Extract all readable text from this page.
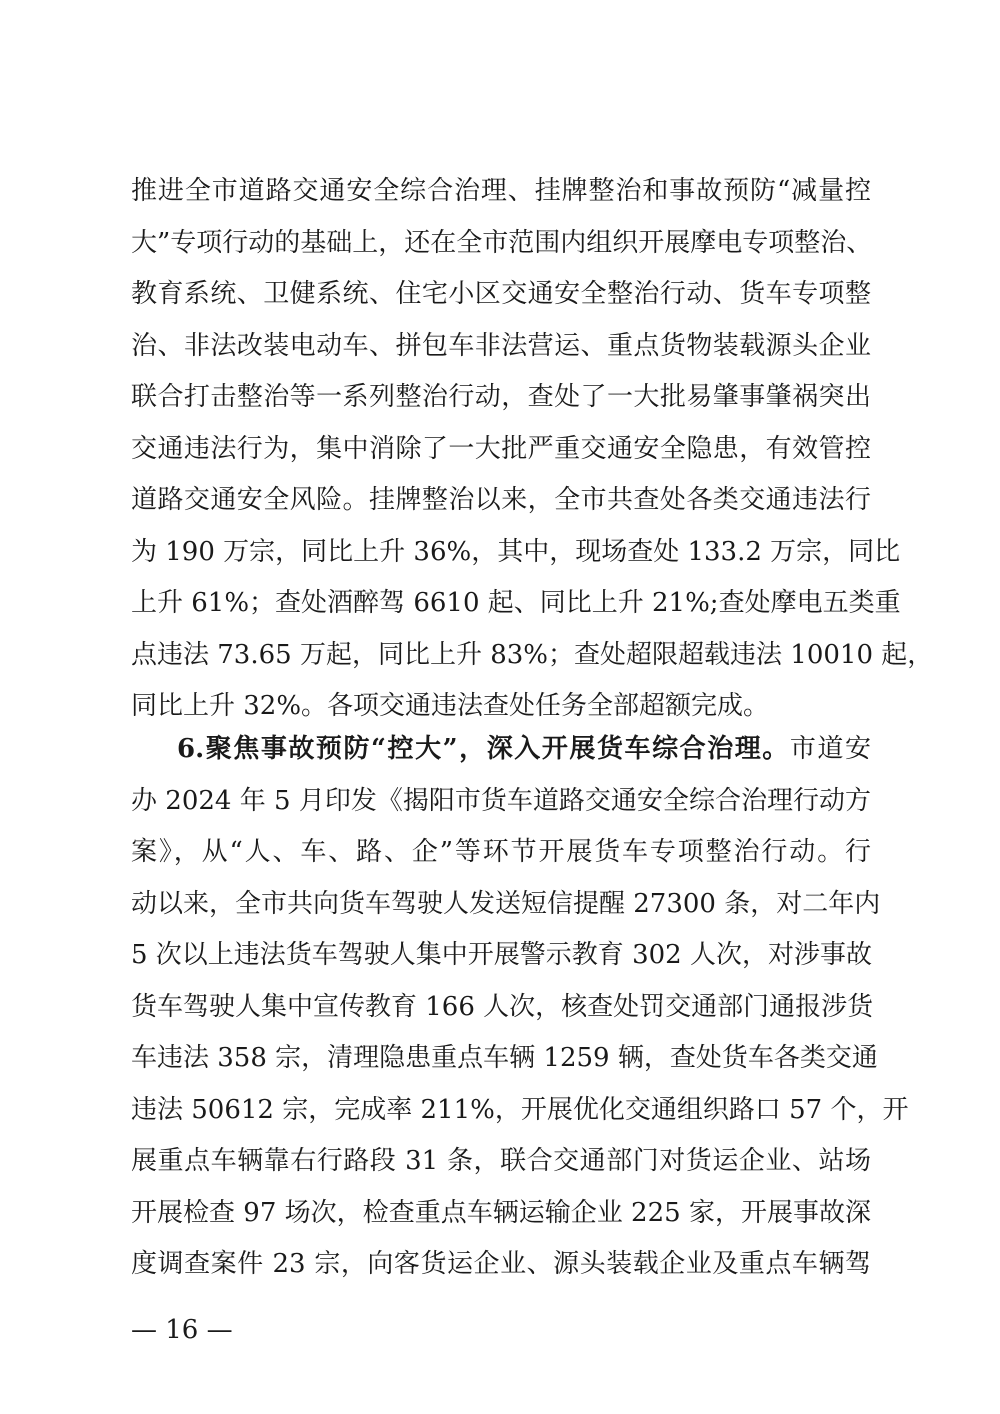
推进全市道路交通安全综合治理、挂牌整治和事故预防“减量控
大”专项行动的基础上，还在全市范围内组织开展摩电专项整治、
教育系统、卫健系统、住宅小区交通安全整治行动、货车专项整
治、非法改装电动车、拼包车非法营运、重点货物装载源头企业
联合打击整治等一系列整治行动，查处了一大批易肇事肇祸突出
交通违法行为，集中消除了一大批严重交通安全隐患，有效管控
道路交通安全风险。挂牌整治以来，全市共查处各类交通违法行
为 190 万宗，同比上升 36%，其中，现场查处 133.2 万宗，同比
上升 61%；查处酒醉驾 6610 起、同比上升 21%;查处摩电五类重
点违法 73.65 万起，同比上升 83%；查处超限超载违法 10010 起，
同比上升 32%。各项交通违法查处任务全部超额完成。
6.聚焦事故预防“控大”，深入开展货车综合治理。市道安
办 2024 年 5 月印发《揭阳市货车道路交通安全综合治理行动方
案》，从“人、车、路、企”等环节开展货车专项整治行动。行
动以来，全市共向货车驾驶人发送短信提醒 27300 条，对二年内
5 次以上违法货车驾驶人集中开展警示教育 302 人次，对涉事故
货车驾驶人集中宣传教育 166 人次，核查处罚交通部门通报涉货
车违法 358 宗，清理隐患重点车辆 1259 辆，查处货车各类交通
违法 50612 宗，完成率 211%，开展优化交通组织路口 57 个，开
展重点车辆靠右行路段 31 条，联合交通部门对货运企业、站场
开展检查 97 场次，检查重点车辆运输企业 225 家，开展事故深
度调查案件 23 宗，向客货运企业、源头装载企业及重点车辆驾
— 16 —
